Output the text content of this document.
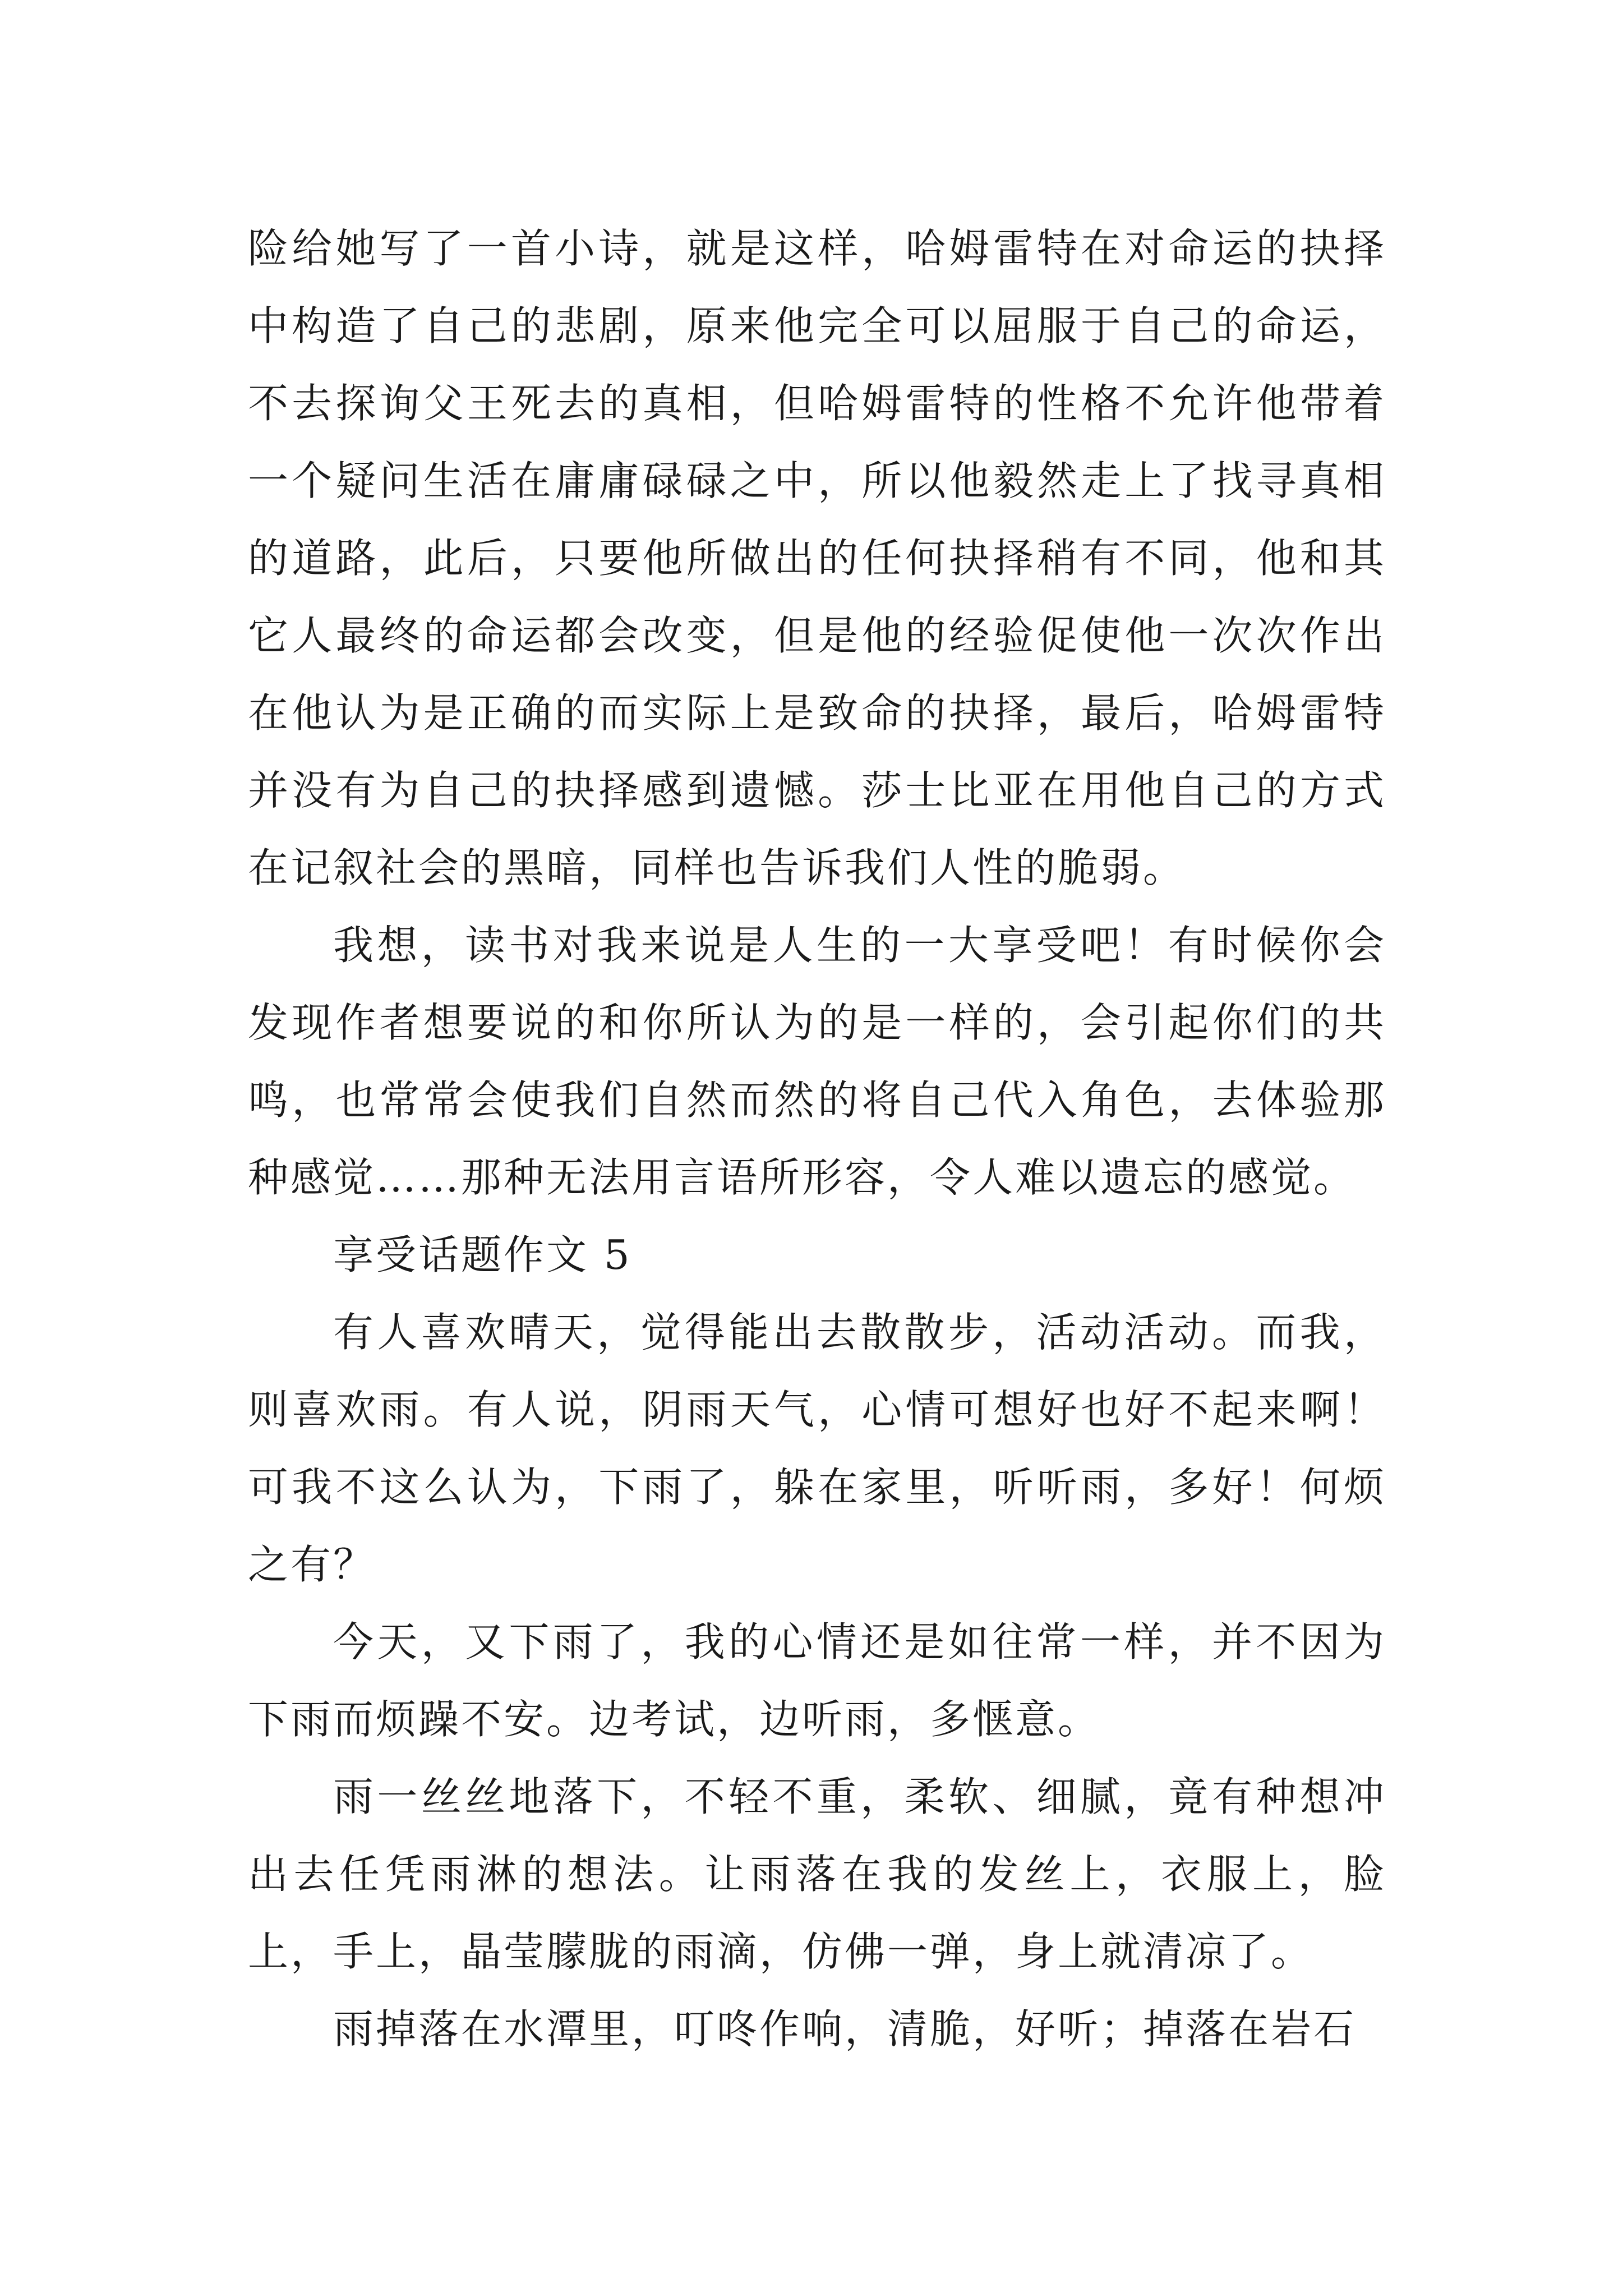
险给她写了一首小诗，就是这样，哈姆雷特在对命运的抉择中构造了自己的悲剧，原来他完全可以屈服于自己的命运，不去探询父王死去的真相，但哈姆雷特的性格不允许他带着一个疑问生活在庸庸碌碌之中，所以他毅然走上了找寻真相的道路，此后，只要他所做出的任何抉择稍有不同，他和其它人最终的命运都会改变，但是他的经验促使他一次次作出在他认为是正确的而实际上是致命的抉择，最后，哈姆雷特并没有为自己的抉择感到遗憾。莎士比亚在用他自己的方式在记叙社会的黑暗，同样也告诉我们人性的脆弱。

我想，读书对我来说是人生的一大享受吧！有时候你会发现作者想要说的和你所认为的是一样的，会引起你们的共鸣，也常常会使我们自然而然的将自己代入角色，去体验那种感觉……那种无法用言语所形容，令人难以遗忘的感觉。

享受话题作文 5

有人喜欢晴天，觉得能出去散散步，活动活动。而我，则喜欢雨。有人说，阴雨天气，心情可想好也好不起来啊！可我不这么认为，下雨了，躲在家里，听听雨，多好！何烦之有？

今天，又下雨了，我的心情还是如往常一样，并不因为下雨而烦躁不安。边考试，边听雨，多惬意。

雨一丝丝地落下，不轻不重，柔软、细腻，竟有种想冲出去任凭雨淋的想法。让雨落在我的发丝上，衣服上，脸上，手上，晶莹朦胧的雨滴，仿佛一弹，身上就清凉了。

雨掉落在水潭里，叮咚作响，清脆，好听；掉落在岩石
